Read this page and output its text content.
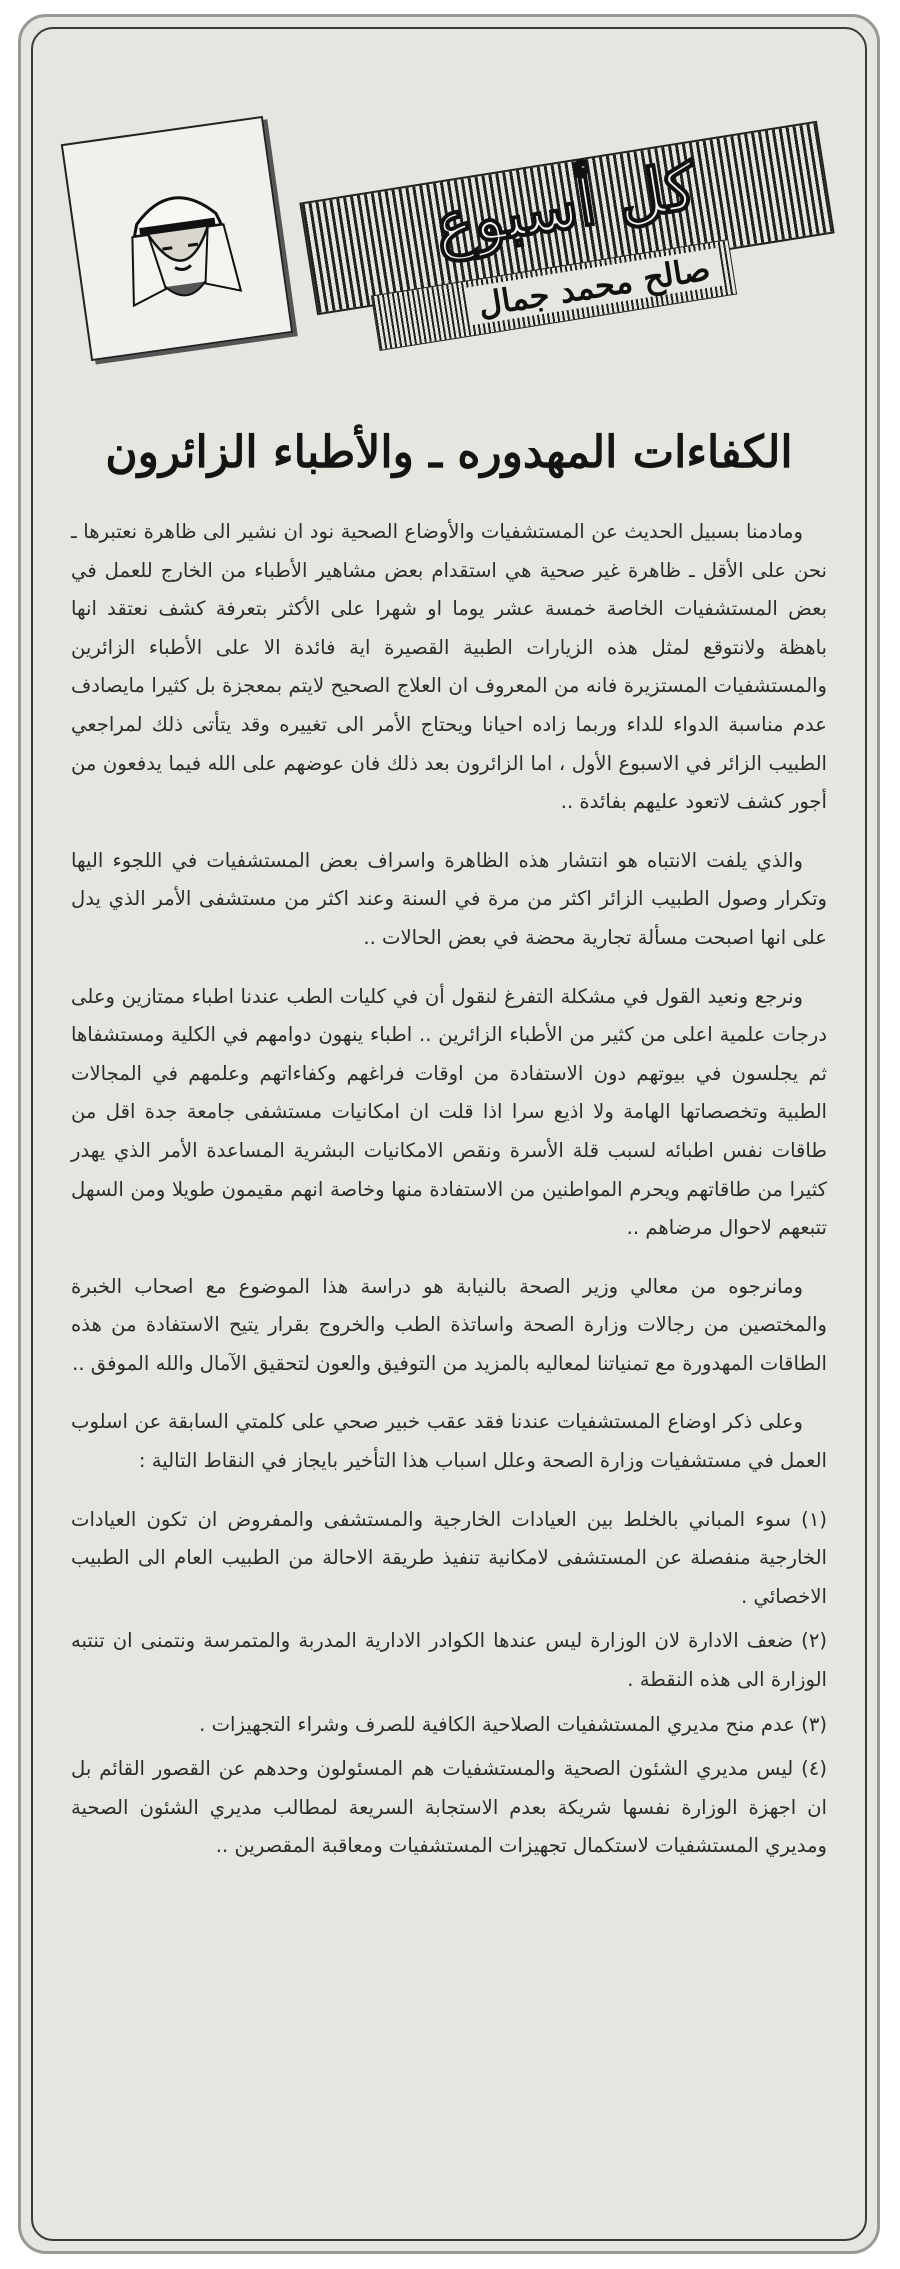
كل أسبوع
صالح محمد جمال
الكفاءات المهدوره ـ والأطباء الزائرون

ومادمنا بسبيل الحديث عن المستشفيات والأوضاع الصحية نود ان نشير الى ظاهرة نعتبرها ـ نحن على الأقل ـ ظاهرة غير صحية هي استقدام بعض مشاهير الأطباء من الخارج للعمل في بعض المستشفيات الخاصة خمسة عشر يوما او شهرا على الأكثر بتعرفة كشف نعتقد انها باهظة ولانتوقع لمثل هذه الزيارات الطبية القصيرة اية فائدة الا على الأطباء الزائرين والمستشفيات المستزيرة فانه من المعروف ان العلاج الصحيح لايتم بمعجزة بل كثيرا مايصادف عدم مناسبة الدواء للداء وربما زاده احيانا ويحتاج الأمر الى تغييره وقد يتأتى ذلك لمراجعي الطبيب الزائر في الاسبوع الأول ، اما الزائرون بعد ذلك فان عوضهم على الله فيما يدفعون من أجور كشف لاتعود عليهم بفائدة ..

والذي يلفت الانتباه هو انتشار هذه الظاهرة واسراف بعض المستشفيات في اللجوء اليها وتكرار وصول الطبيب الزائر اكثر من مرة في السنة وعند اكثر من مستشفى الأمر الذي يدل على انها اصبحت مسألة تجارية محضة في بعض الحالات ..

ونرجع ونعيد القول في مشكلة التفرغ لنقول أن في كليات الطب عندنا اطباء ممتازين وعلى درجات علمية اعلى من كثير من الأطباء الزائرين .. اطباء ينهون دوامهم في الكلية ومستشفاها ثم يجلسون في بيوتهم دون الاستفادة من اوقات فراغهم وكفاءاتهم وعلمهم في المجالات الطبية وتخصصاتها الهامة ولا اذيع سرا اذا قلت ان امكانيات مستشفى جامعة جدة اقل من طاقات نفس اطبائه لسبب قلة الأسرة ونقص الامكانيات البشرية المساعدة الأمر الذي يهدر كثيرا من طاقاتهم ويحرم المواطنين من الاستفادة منها وخاصة انهم مقيمون طويلا ومن السهل تتبعهم لاحوال مرضاهم ..

ومانرجوه من معالي وزير الصحة بالنيابة هو دراسة هذا الموضوع مع اصحاب الخبرة والمختصين من رجالات وزارة الصحة واساتذة الطب والخروج بقرار يتيح الاستفادة من هذه الطاقات المهدورة مع تمنياتنا لمعاليه بالمزيد من التوفيق والعون لتحقيق الآمال والله الموفق ..

وعلى ذكر اوضاع المستشفيات عندنا فقد عقب خبير صحي على كلمتي السابقة عن اسلوب العمل في مستشفيات وزارة الصحة وعلل اسباب هذا التأخير بايجاز في النقاط التالية :

(١) سوء المباني بالخلط بين العيادات الخارجية والمستشفى والمفروض ان تكون العيادات الخارجية منفصلة عن المستشفى لامكانية تنفيذ طريقة الاحالة من الطبيب العام الى الطبيب الاخصائي .

(٢) ضعف الادارة لان الوزارة ليس عندها الكوادر الادارية المدربة والمتمرسة ونتمنى ان تنتبه الوزارة الى هذه النقطة .

(٣) عدم منح مديري المستشفيات الصلاحية الكافية للصرف وشراء التجهيزات .

(٤) ليس مديري الشئون الصحية والمستشفيات هم المسئولون وحدهم عن القصور القائم بل ان اجهزة الوزارة نفسها شريكة بعدم الاستجابة السريعة لمطالب مديري الشئون الصحية ومديري المستشفيات لاستكمال تجهيزات المستشفيات ومعاقبة المقصرين ..
